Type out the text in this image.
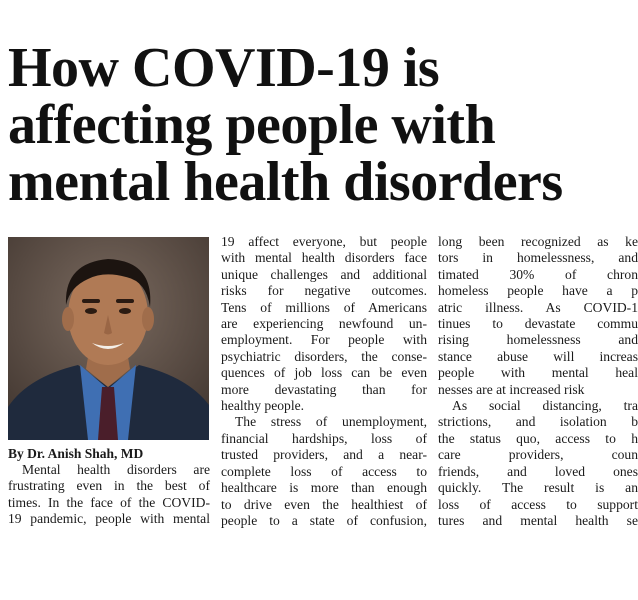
How COVID-19 is
affecting people with
mental health disorders

By Dr. Anish Shah, MD

Mental health disorders are
frustrating even in the best of
times. In the face of the COVID-
19 pandemic, people with mental
19 affect everyone, but people
with mental health disorders face
unique challenges and additional
risks for negative outcomes.
Tens of millions of Americans
are experiencing newfound un-
employment. For people with
psychiatric disorders, the conse-
quences of job loss can be even
more devastating than for
healthy people.
The stress of unemployment,
financial hardships, loss of
trusted providers, and a near-
complete loss of access to
healthcare is more than enough
to drive even the healthiest of
people to a state of confusion,
long been recognized as ke
tors in homelessness, and
timated 30% of chron
homeless people have a p
atric illness. As COVID-1
tinues to devastate commu
rising homelessness and
stance abuse will increas
people with mental heal
nesses are at increased risk
As social distancing, tra
strictions, and isolation b
the status quo, access to h
care providers, coun
friends, and loved ones
quickly. The result is an
loss of access to support
tures and mental health se
